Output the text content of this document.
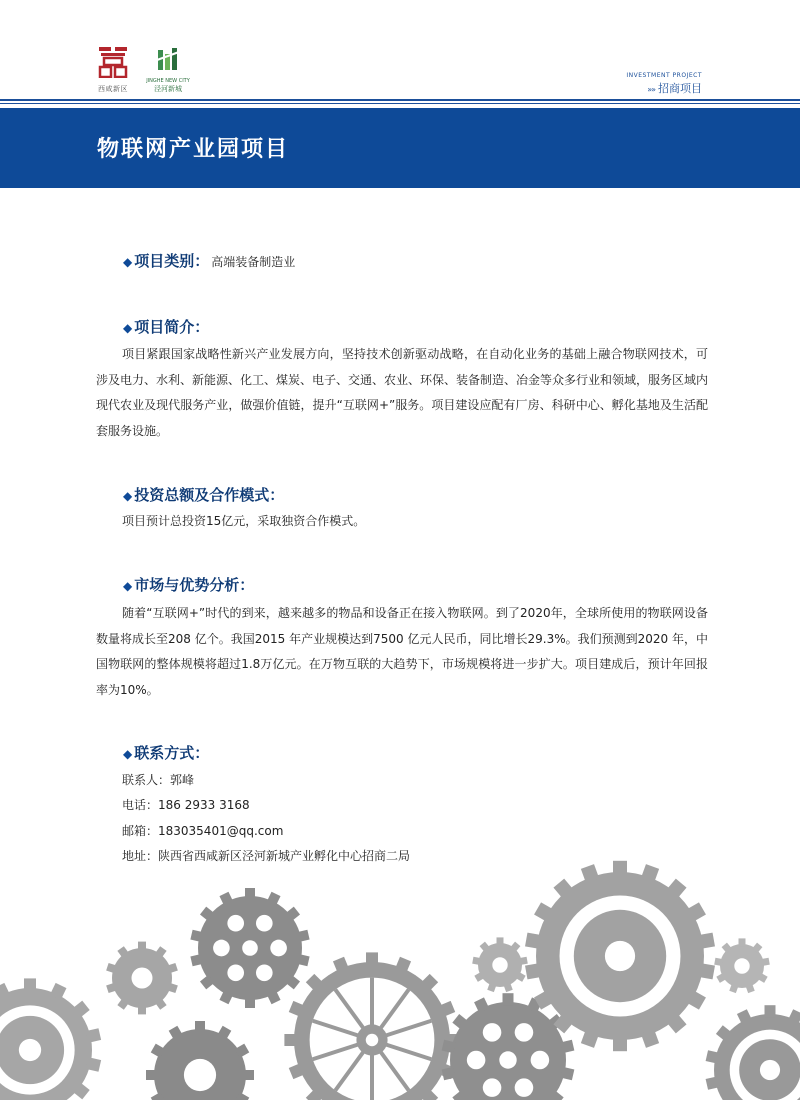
西咸新区
JINGHE NEW CITY
泾河新城
INVESTMENT PROJECT
»» 招商项目
物联网产业园项目
◆ 项目类别： 高端装备制造业
◆ 项目简介：
项目紧跟国家战略性新兴产业发展方向，坚持技术创新驱动战略，在自动化业务的基础上融合物联网技术，可涉及电力、水利、新能源、化工、煤炭、电子、交通、农业、环保、装备制造、冶金等众多行业和领域，服务区域内现代农业及现代服务产业，做强价值链，提升“互联网+”服务。项目建设应配有厂房、科研中心、孵化基地及生活配套服务设施。
◆ 投资总额及合作模式：
项目预计总投资15亿元，采取独资合作模式。
◆ 市场与优势分析：
随着“互联网+”时代的到来，越来越多的物品和设备正在接入物联网。到了2020年，全球所使用的物联网设备数量将成长至208 亿个。我国2015 年产业规模达到7500 亿元人民币，同比增长29.3%。我们预测到2020 年，中国物联网的整体规模将超过1.8万亿元。在万物互联的大趋势下，市场规模将进一步扩大。项目建成后，预计年回报率为10%。
◆ 联系方式：
联系人：郭峰
电话：186 2933 3168
邮箱：183035401@qq.com
地址：陕西省西咸新区泾河新城产业孵化中心招商二局
